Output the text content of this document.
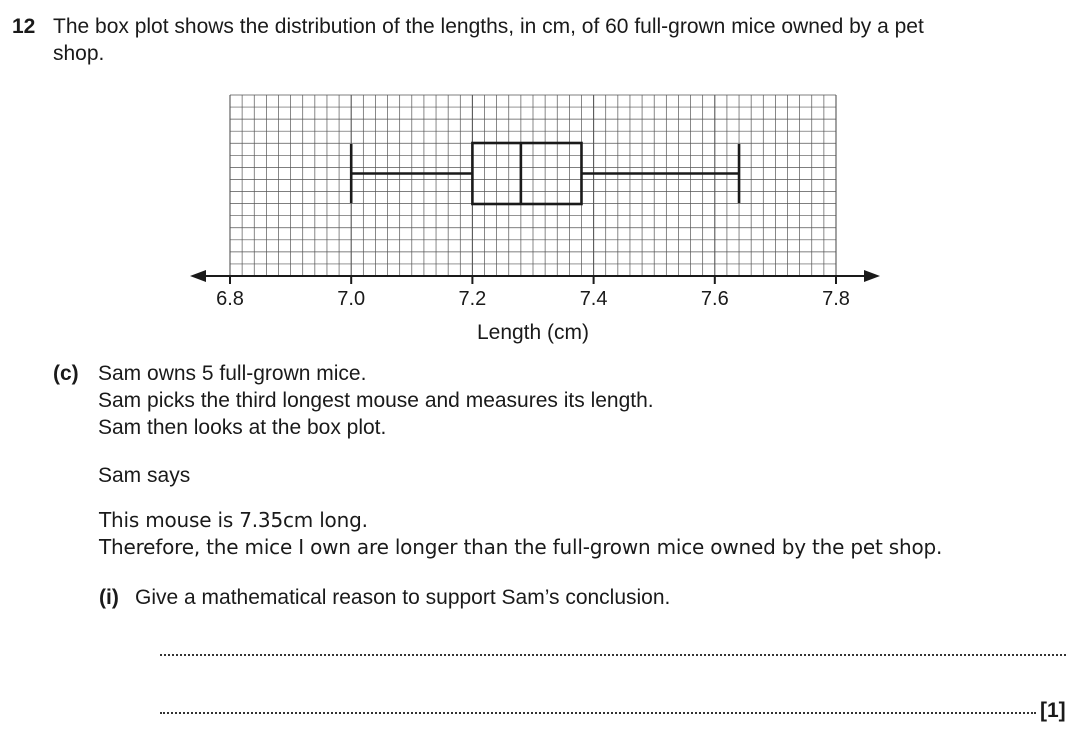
12 The box plot shows the distribution of the lengths, in cm, of 60 full-grown mice owned by a pet
shop.
6.8	7.0	7.2	7.4	7.6	7.8
Length (cm)
(c) Sam owns 5 full-grown mice.
Sam picks the third longest mouse and measures its length.
Sam then looks at the box plot.
Sam says
This mouse is 7.35cm long.
Therefore, the mice I own are longer than the full-grown mice owned by the pet shop.
(i) Give a mathematical reason to support Sam’s conclusion.
[1]
